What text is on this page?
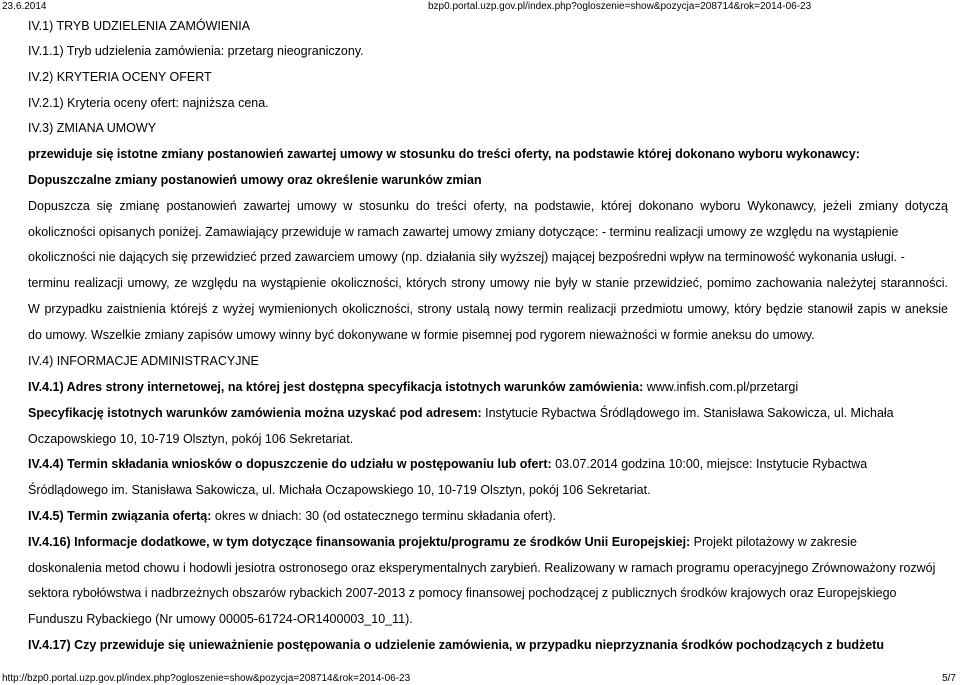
23.6.2014	bzp0.portal.uzp.gov.pl/index.php?ogloszenie=show&pozycja=208714&rok=2014-06-23
IV.1) TRYB UDZIELENIA ZAMÓWIENIA
IV.1.1) Tryb udzielenia zamówienia: przetarg nieograniczony.
IV.2) KRYTERIA OCENY OFERT
IV.2.1) Kryteria oceny ofert: najniższa cena.
IV.3) ZMIANA UMOWY
przewiduje się istotne zmiany postanowień zawartej umowy w stosunku do treści oferty, na podstawie której dokonano wyboru wykonawcy:
Dopuszczalne zmiany postanowień umowy oraz określenie warunków zmian
Dopuszcza się zmianę postanowień zawartej umowy w stosunku do treści oferty, na podstawie, której dokonano wyboru Wykonawcy, jeżeli zmiany dotyczą
okoliczności opisanych poniżej. Zamawiający przewiduje w ramach zawartej umowy zmiany dotyczące: - terminu realizacji umowy ze względu na wystąpienie
okoliczności nie dających się przewidzieć przed zawarciem umowy (np. działania siły wyższej) mającej bezpośredni wpływ na terminowość wykonania usługi. -
terminu realizacji umowy, ze względu na wystąpienie okoliczności, których strony umowy nie były w stanie przewidzieć, pomimo zachowania należytej staranności.
W przypadku zaistnienia którejś z wyżej wymienionych okoliczności, strony ustalą nowy termin realizacji przedmiotu umowy, który będzie stanowił zapis w aneksie
do umowy. Wszelkie zmiany zapisów umowy winny być dokonywane w formie pisemnej pod rygorem nieważności w formie aneksu do umowy.
IV.4) INFORMACJE ADMINISTRACYJNE
IV.4.1) Adres strony internetowej, na której jest dostępna specyfikacja istotnych warunków zamówienia: www.infish.com.pl/przetargi
Specyfikację istotnych warunków zamówienia można uzyskać pod adresem: Instytucie Rybactwa Śródlądowego im. Stanisława Sakowicza, ul. Michała
Oczapowskiego 10, 10-719 Olsztyn, pokój 106 Sekretariat.
IV.4.4) Termin składania wniosków o dopuszczenie do udziału w postępowaniu lub ofert: 03.07.2014 godzina 10:00, miejsce: Instytucie Rybactwa
Śródlądowego im. Stanisława Sakowicza, ul. Michała Oczapowskiego 10, 10-719 Olsztyn, pokój 106 Sekretariat.
IV.4.5) Termin związania ofertą: okres w dniach: 30 (od ostatecznego terminu składania ofert).
IV.4.16) Informacje dodatkowe, w tym dotyczące finansowania projektu/programu ze środków Unii Europejskiej: Projekt pilotażowy w zakresie
doskonalenia metod chowu i hodowli jesiotra ostronosego oraz eksperymentalnych zarybień. Realizowany w ramach programu operacyjnego Zrównoważony rozwój
sektora rybołówstwa i nadbrzeżnych obszarów rybackich 2007-2013 z pomocy finansowej pochodzącej z publicznych środków krajowych oraz Europejskiego
Funduszu Rybackiego (Nr umowy 00005-61724-OR1400003_10_11).
IV.4.17) Czy przewiduje się unieważnienie postępowania o udzielenie zamówienia, w przypadku nieprzyznania środków pochodzących z budżetu
http://bzp0.portal.uzp.gov.pl/index.php?ogloszenie=show&pozycja=208714&rok=2014-06-23	5/7
